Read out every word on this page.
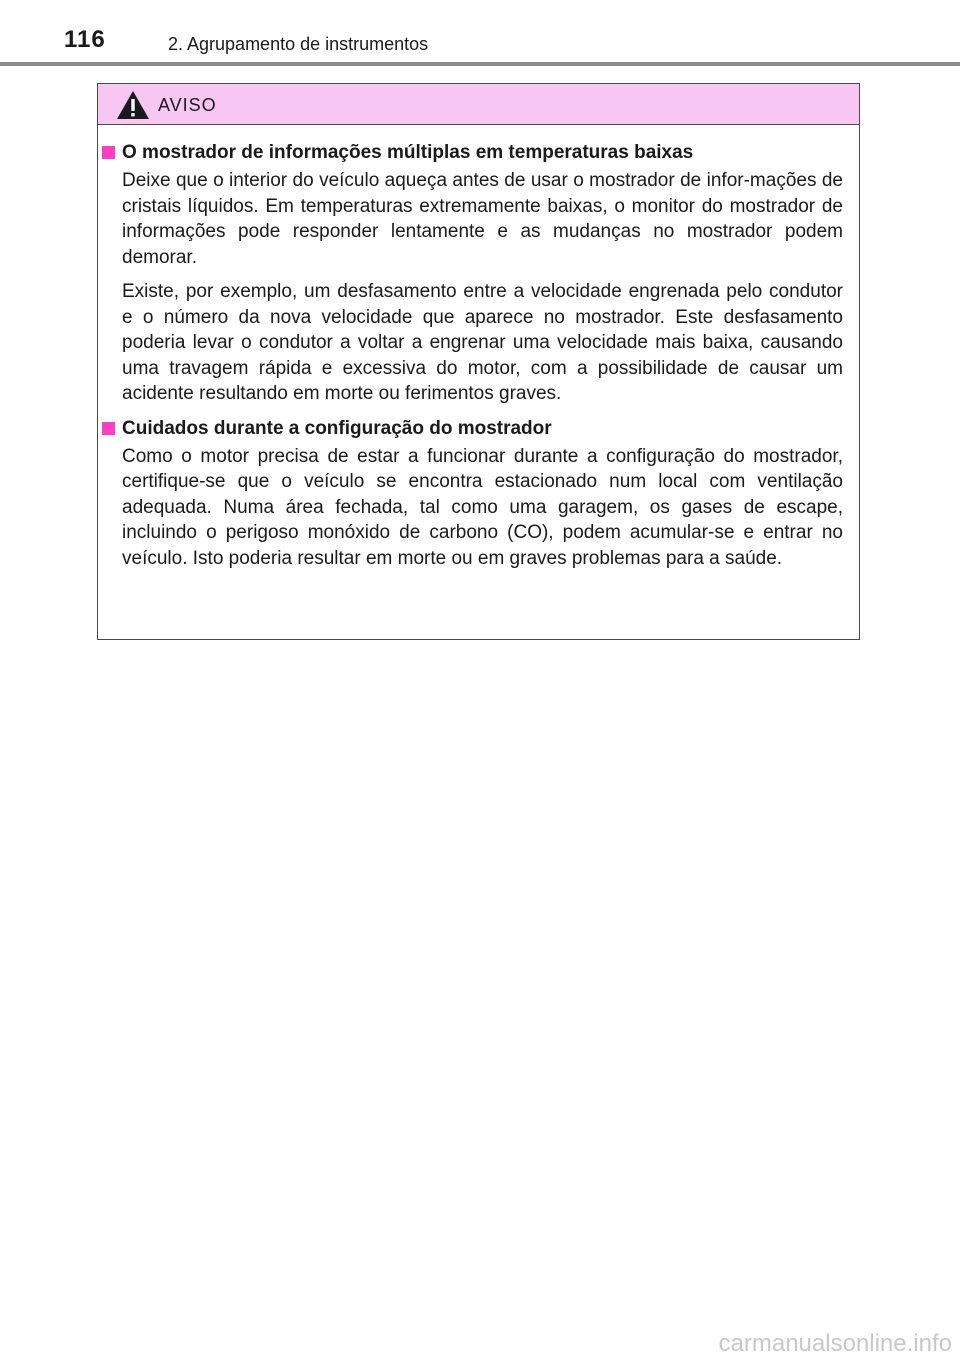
116	2. Agrupamento de instrumentos
AVISO
O mostrador de informações múltiplas em temperaturas baixas

Deixe que o interior do veículo aqueça antes de usar o mostrador de infor-mações de cristais líquidos. Em temperaturas extremamente baixas, o monitor do mostrador de informações pode responder lentamente e as mudanças no mostrador podem demorar.

Existe, por exemplo, um desfasamento entre a velocidade engrenada pelo condutor e o número da nova velocidade que aparece no mostrador. Este desfasamento poderia levar o condutor a voltar a engrenar uma velocidade mais baixa, causando uma travagem rápida e excessiva do motor, com a possibilidade de causar um acidente resultando em morte ou ferimentos graves.

Cuidados durante a configuração do mostrador

Como o motor precisa de estar a funcionar durante a configuração do mostrador, certifique-se que o veículo se encontra estacionado num local com ventilação adequada. Numa área fechada, tal como uma garagem, os gases de escape, incluindo o perigoso monóxido de carbono (CO), podem acumular-se e entrar no veículo. Isto poderia resultar em morte ou em graves problemas para a saúde.

carmanualsonline.info
